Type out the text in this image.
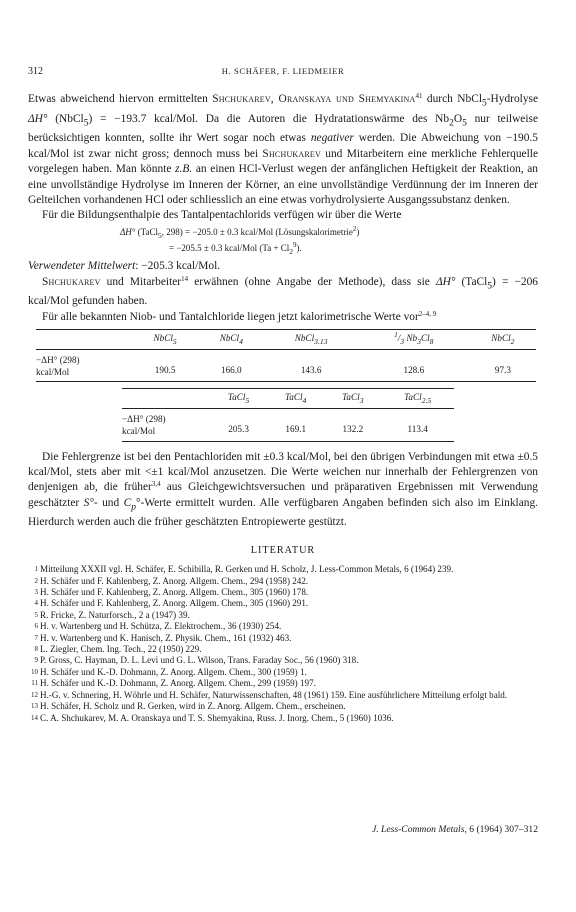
312	H. SCHÄFER, F. LIEDMEIER

Etwas abweichend hiervon ermittelten Shchukarev, Oranskaya und Shemyakina$^{41}$ durch NbCl$_5$-Hydrolyse ΔH° (NbCl$_5$) = −193.7 kcal/Mol. Da die Autoren die Hydratationswärme des $Nb_2O_5$ nur teilweise berücksichtigen konnten, sollte ihr Wert sogar noch etwas negativer werden. Die Abweichung von −190.5 kcal/Mol ist zwar nicht gross; dennoch muss bei Shchukarev und Mitarbeitern eine merkliche Fehlerquelle vorgelegen haben. Man könnte z.B. an einen HCl-Verlust wegen der anfänglichen Heftigkeit der Reaktion, an eine unvollständige Hydrolyse im Inneren der Körner, an eine unvollständige Verdünnung der im Inneren der Gelteilchen vorhandenen HCl oder schliesslich an eine etwas vorhydrolysierte Ausgangssubstanz denken.

Für die Bildungsenthalpie des Tantalpentachlorids verfügen wir über die Werte

ΔH° (TaCl$_5$, 298) = −205.0 ± 0.3 kcal/Mol (Lösungskalorimetrie$^2$)
= −205.5 ± 0.3 kcal/Mol $(Ta + Cl_2^9)$.

Verwendeter Mittelwert: −205.3 kcal/Mol.

Shchukarev und Mitarbeiter$^{14}$ erwähnen (ohne Angabe der Methode), dass sie ΔH° (TaCl$_5$) = −206 kcal/Mol gefunden haben.

Für alle bekannten Niob- und Tantalchloride liegen jetzt kalorimetrische Werte vor$^{2-4, 9}$

	NbCl$_5$	NbCl$_4$	NbCl$_{3.13}$	$^1/_3$ $Nb_3Cl_8$	NbCl$_2$
−ΔH° (298)
kcal/Mol	190.5	166.0	143.6	128.6	97.3
	TaCl$_5$	TaCl$_4$	TaCl$_3$	TaCl$_{2.5}$
−ΔH° (298)
kcal/Mol	205.3	169.1	132.2	113.4

Die Fehlergrenze ist bei den Pentachloriden mit ±0.3 kcal/Mol, bei den übrigen Verbindungen mit etwa ±0.5 kcal/Mol, stets aber mit <±1 kcal/Mol anzusetzen. Die Werte weichen nur innerhalb der Fehlergrenzen von denjenigen ab, die früher$^{3,4}$ aus Gleichgewichtsversuchen und präparativen Ergebnissen mit Verwendung geschätzter S°- und $C_p^\circ$-Werte ermittelt wurden. Alle verfügbaren Angaben befinden sich also im Einklang. Hierdurch werden auch die früher geschätzten Entropiewerte gestützt.

LITERATUR
1 Mitteilung XXXII vgl. H. Schäfer, E. Schibilla, R. Gerken und H. Scholz, J. Less-Common Metals, 6 (1964) 239.
2 H. Schäfer und F. Kahlenberg, Z. Anorg. Allgem. Chem., 294 (1958) 242.
3 H. Schäfer und F. Kahlenberg, Z. Anorg. Allgem. Chem., 305 (1960) 178.
4 H. Schäfer und F. Kahlenberg, Z. Anorg. Allgem. Chem., 305 (1960) 291.
5 R. Fricke, Z. Naturforsch., 2 a (1947) 39.
6 H. v. Wartenberg und H. Schütza, Z. Elektrochem., 36 (1930) 254.
7 H. v. Wartenberg und K. Hanisch, Z. Physik. Chem., 161 (1932) 463.
8 L. Ziegler, Chem. Ing. Tech., 22 (1950) 229.
9 P. Gross, C. Hayman, D. L. Levi und G. L. Wilson, Trans. Faraday Soc., 56 (1960) 318.
10 H. Schäfer und K.-D. Dohmann, Z. Anorg. Allgem. Chem., 300 (1959) 1.
11 H. Schäfer und K.-D. Dohmann, Z. Anorg. Allgem. Chem., 299 (1959) 197.
12 H.-G. v. Schnering, H. Wöhrle und H. Schäfer, Naturwissenschaften, 48 (1961) 159. Eine ausführlichere Mitteilung erfolgt bald.
13 H. Schäfer, H. Scholz und R. Gerken, wird in Z. Anorg. Allgem. Chem., erscheinen.
14 C. A. Shchukarev, M. A. Oranskaya und T. S. Shemyakina, Russ. J. Inorg. Chem., 5 (1960) 1036.
J. Less-Common Metals, 6 (1964) 307–312
